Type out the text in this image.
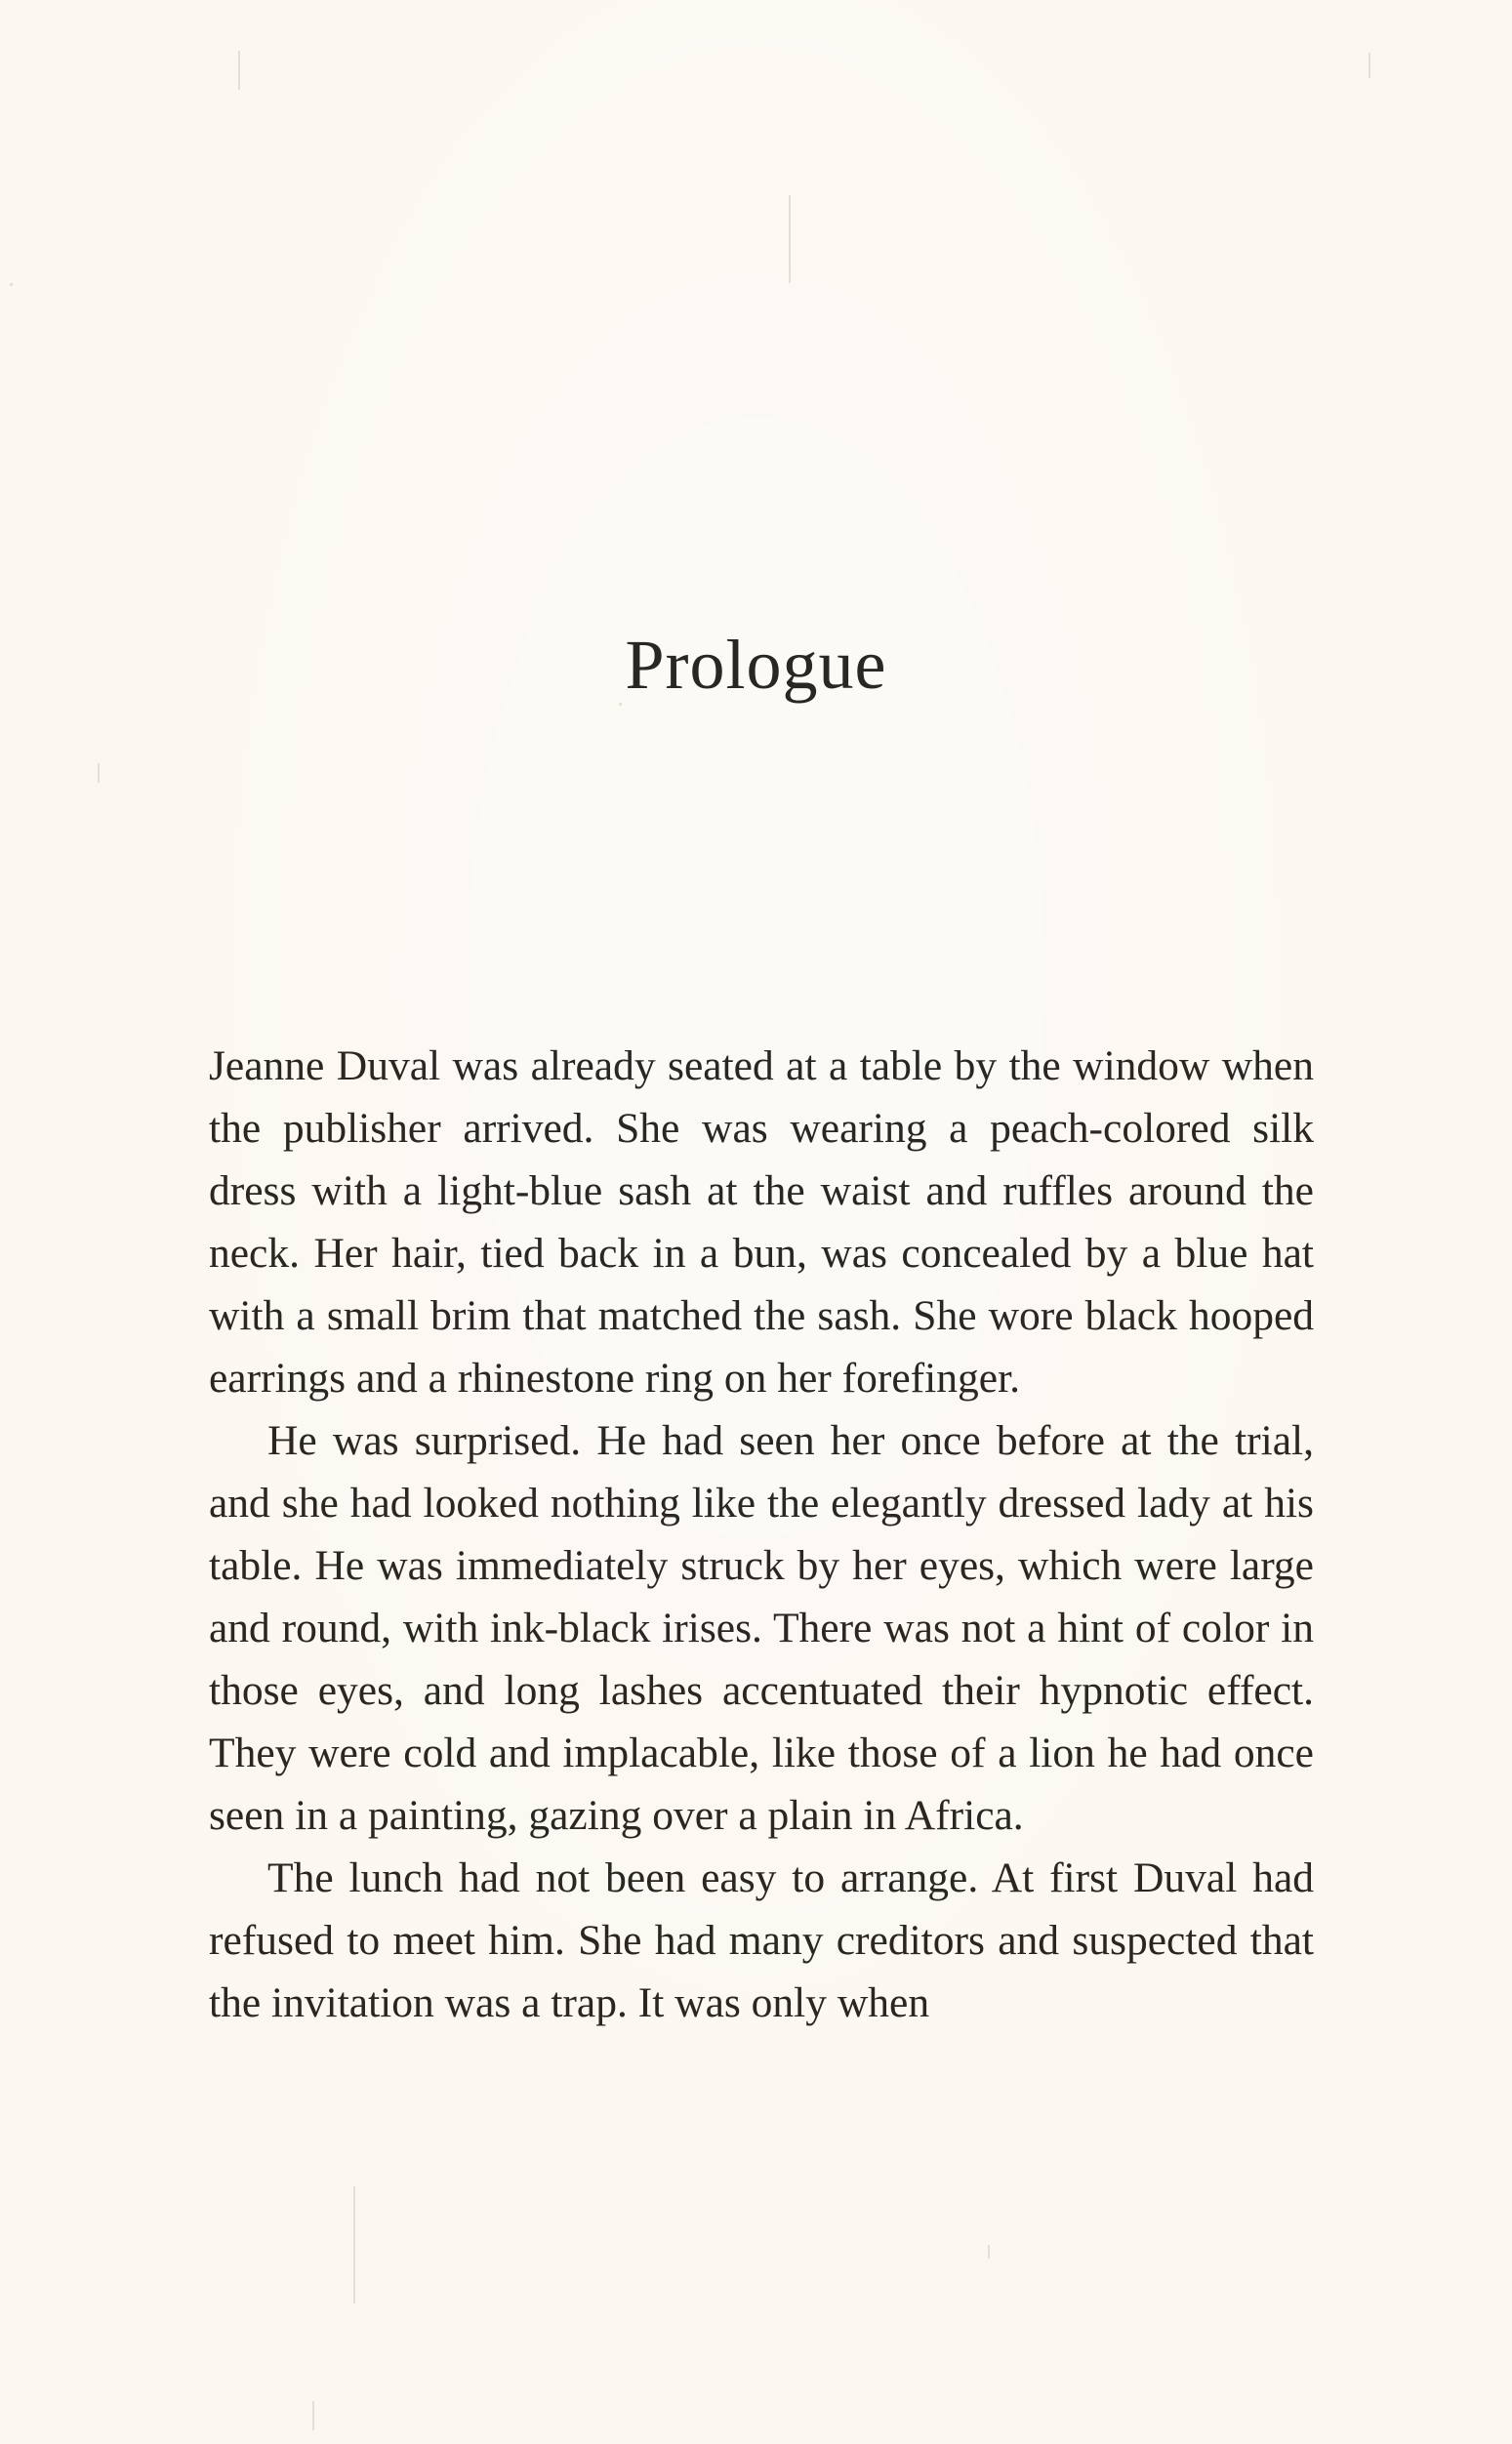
Prologue

Jeanne Duval was already seated at a table by the window when the publisher arrived. She was wearing a peach-colored silk dress with a light-blue sash at the waist and ruffles around the neck. Her hair, tied back in a bun, was concealed by a blue hat with a small brim that matched the sash. She wore black hooped earrings and a rhinestone ring on her forefinger.

He was surprised. He had seen her once before at the trial, and she had looked nothing like the elegantly dressed lady at his table. He was immediately struck by her eyes, which were large and round, with ink-black irises. There was not a hint of color in those eyes, and long lashes accentuated their hypnotic effect. They were cold and implacable, like those of a lion he had once seen in a painting, gazing over a plain in Africa.

The lunch had not been easy to arrange. At first Duval had refused to meet him. She had many creditors and suspected that the invitation was a trap. It was only when
